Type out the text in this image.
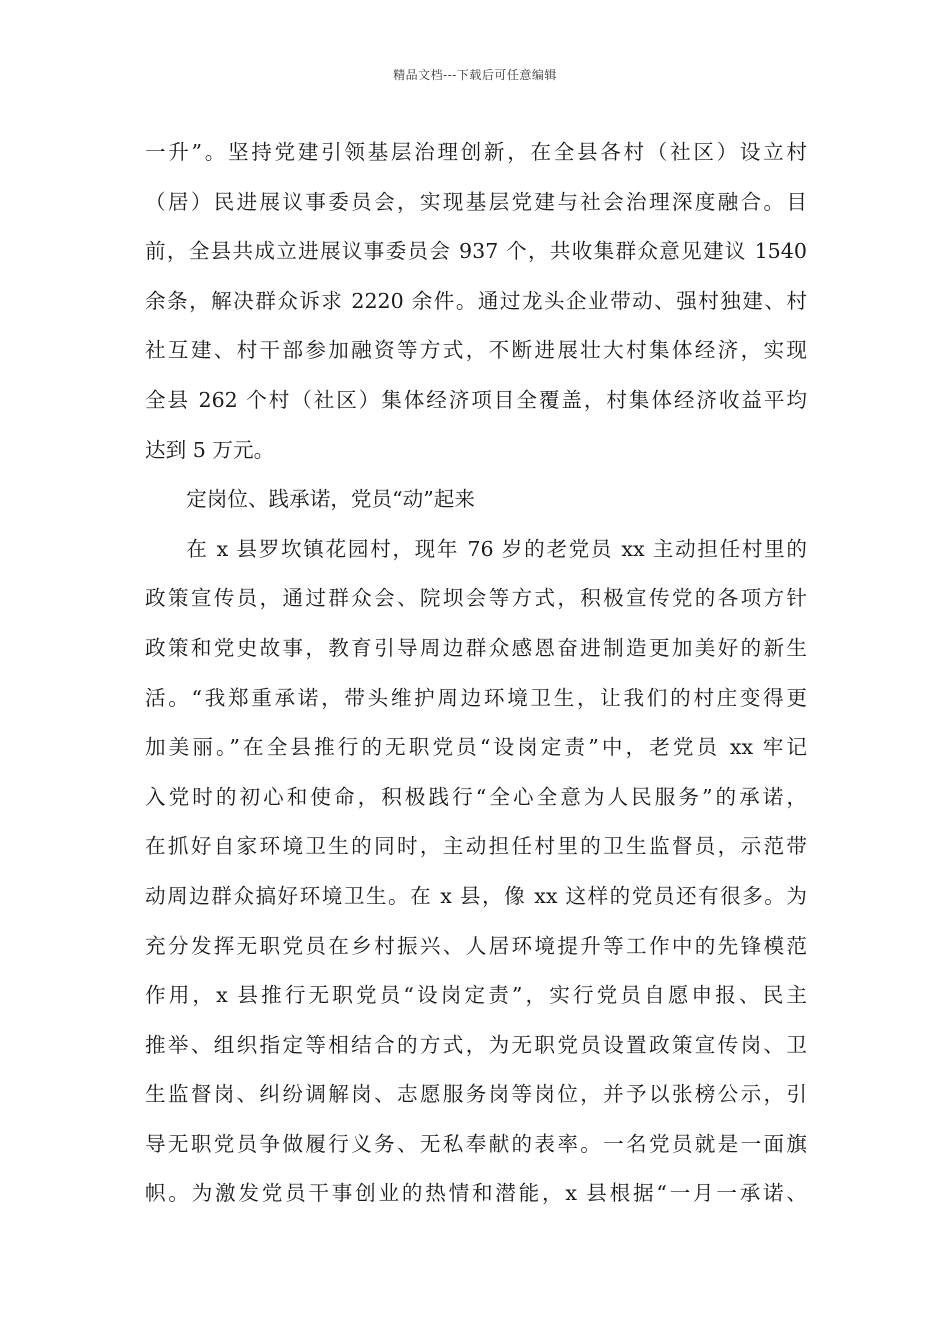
精品文档---下载后可任意编辑
一升”。坚持党建引领基层治理创新，在全县各村（社区）设立村
（居）民进展议事委员会，实现基层党建与社会治理深度融合。目
前，全县共成立进展议事委员会 937 个，共收集群众意见建议 1540
余条，解决群众诉求 2220 余件。通过龙头企业带动、强村独建、村
社互建、村干部参加融资等方式，不断进展壮大村集体经济，实现
全县 262 个村（社区）集体经济项目全覆盖，村集体经济收益平均
达到 5 万元。
定岗位、践承诺，党员“动”起来
在 x 县罗坎镇花园村，现年 76 岁的老党员 xx 主动担任村里的
政策宣传员，通过群众会、院坝会等方式，积极宣传党的各项方针
政策和党史故事，教育引导周边群众感恩奋进制造更加美好的新生
活。“我郑重承诺，带头维护周边环境卫生，让我们的村庄变得更
加美丽。”在全县推行的无职党员“设岗定责”中，老党员 xx 牢记
入党时的初心和使命，积极践行“全心全意为人民服务”的承诺，
在抓好自家环境卫生的同时，主动担任村里的卫生监督员，示范带
动周边群众搞好环境卫生。在 x 县，像 xx 这样的党员还有很多。为
充分发挥无职党员在乡村振兴、人居环境提升等工作中的先锋模范
作用，x 县推行无职党员“设岗定责”，实行党员自愿申报、民主
推举、组织指定等相结合的方式，为无职党员设置政策宣传岗、卫
生监督岗、纠纷调解岗、志愿服务岗等岗位，并予以张榜公示，引
导无职党员争做履行义务、无私奉献的表率。一名党员就是一面旗
帜。为激发党员干事创业的热情和潜能，x 县根据“一月一承诺、
